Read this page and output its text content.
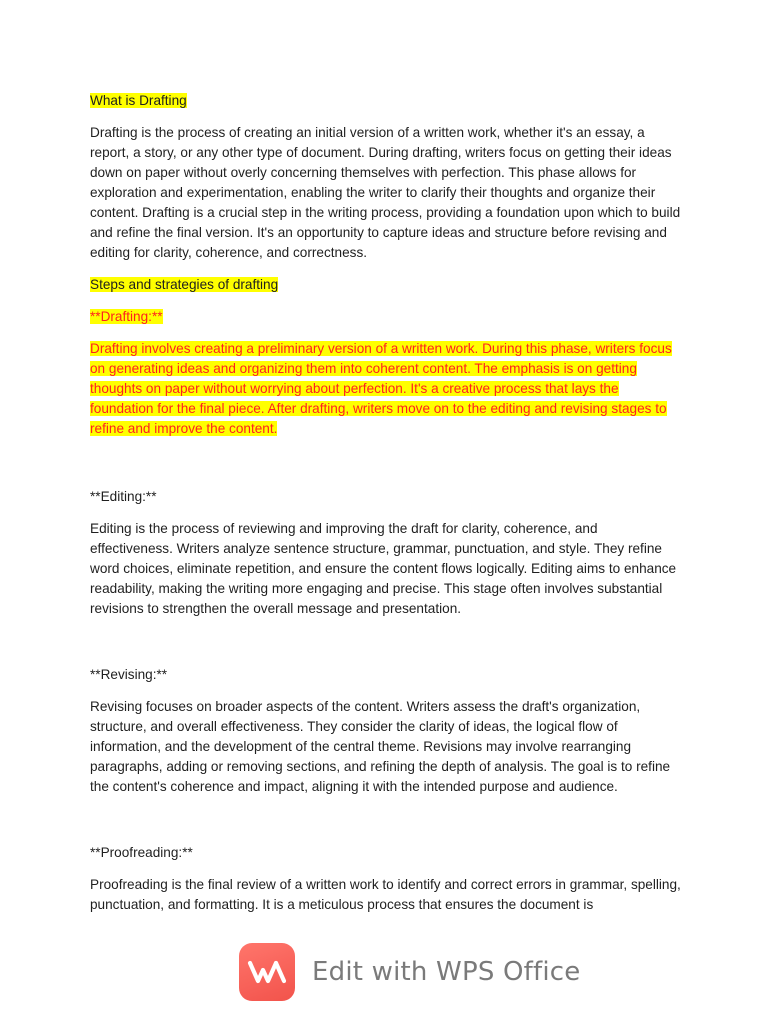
What is Drafting

Drafting is the process of creating an initial version of a written work, whether it's an essay, a report, a story, or any other type of document. During drafting, writers focus on getting their ideas down on paper without overly concerning themselves with perfection. This phase allows for exploration and experimentation, enabling the writer to clarify their thoughts and organize their content. Drafting is a crucial step in the writing process, providing a foundation upon which to build and refine the final version. It's an opportunity to capture ideas and structure before revising and editing for clarity, coherence, and correctness.

Steps and strategies of drafting

**Drafting:**

Drafting involves creating a preliminary version of a written work. During this phase, writers focus on generating ideas and organizing them into coherent content. The emphasis is on getting thoughts on paper without worrying about perfection. It's a creative process that lays the foundation for the final piece. After drafting, writers move on to the editing and revising stages to refine and improve the content.

**Editing:**

Editing is the process of reviewing and improving the draft for clarity, coherence, and effectiveness. Writers analyze sentence structure, grammar, punctuation, and style. They refine word choices, eliminate repetition, and ensure the content flows logically. Editing aims to enhance readability, making the writing more engaging and precise. This stage often involves substantial revisions to strengthen the overall message and presentation.

**Revising:**

Revising focuses on broader aspects of the content. Writers assess the draft's organization, structure, and overall effectiveness. They consider the clarity of ideas, the logical flow of information, and the development of the central theme. Revisions may involve rearranging paragraphs, adding or removing sections, and refining the depth of analysis. The goal is to refine the content's coherence and impact, aligning it with the intended purpose and audience.

**Proofreading:**

Proofreading is the final review of a written work to identify and correct errors in grammar, spelling, punctuation, and formatting. It is a meticulous process that ensures the document is

Edit with WPS Office
